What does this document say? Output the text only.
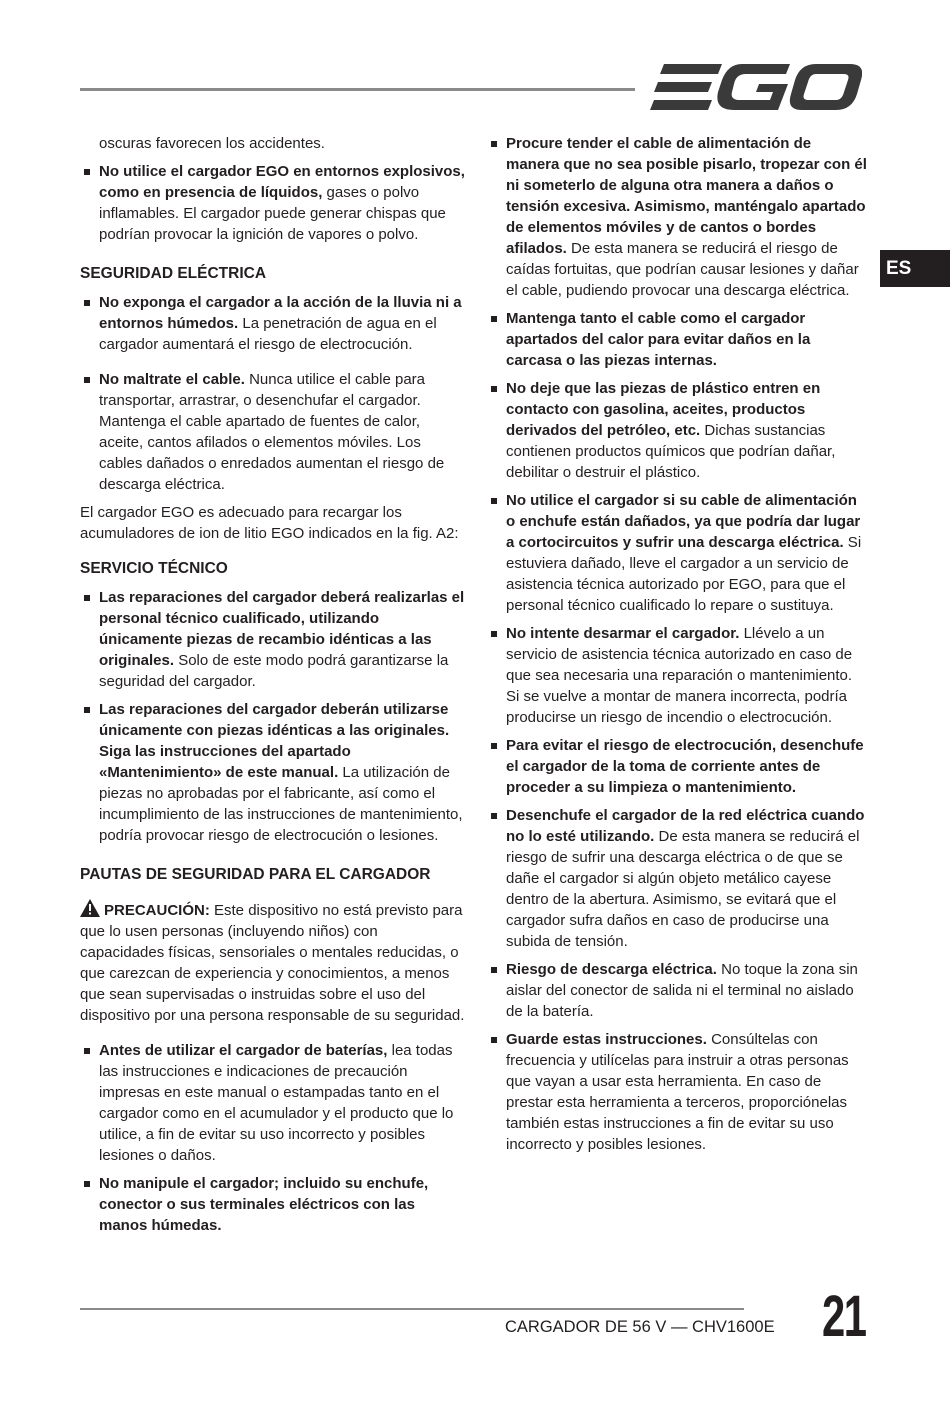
ES

oscuras favorecen los accidentes.

No utilice el cargador EGO en entornos explosivos, como en presencia de líquidos, gases o polvo inflamables. El cargador puede generar chispas que podrían provocar la ignición de vapores o polvo.
SEGURIDAD ELÉCTRICA
No exponga el cargador a la acción de la lluvia ni a entornos húmedos. La penetración de agua en el cargador aumentará el riesgo de electrocución.
No maltrate el cable. Nunca utilice el cable para transportar, arrastrar, o desenchufar el cargador. Mantenga el cable apartado de fuentes de calor, aceite, cantos afilados o elementos móviles. Los cables dañados o enredados aumentan el riesgo de descarga eléctrica.

El cargador EGO es adecuado para recargar los acumuladores de ion de litio EGO indicados en la fig. A2:

SERVICIO TÉCNICO
Las reparaciones del cargador deberá realizarlas el personal técnico cualificado, utilizando únicamente piezas de recambio idénticas a las originales. Solo de este modo podrá garantizarse la seguridad del cargador.
Las reparaciones del cargador deberán utilizarse únicamente con piezas idénticas a las originales. Siga las instrucciones del apartado «Mantenimiento» de este manual. La utilización de piezas no aprobadas por el fabricante, así como el incumplimiento de las instrucciones de mantenimiento, podría provocar riesgo de electrocución o lesiones.
PAUTAS DE SEGURIDAD PARA EL CARGADOR

PRECAUCIÓN: Este dispositivo no está previsto para que lo usen personas (incluyendo niños) con capacidades físicas, sensoriales o mentales reducidas, o que carezcan de experiencia y conocimientos, a menos que sean supervisadas o instruidas sobre el uso del dispositivo por una persona responsable de su seguridad.

Antes de utilizar el cargador de baterías, lea todas las instrucciones e indicaciones de precaución impresas en este manual o estampadas tanto en el cargador como en el acumulador y el producto que lo utilice, a fin de evitar su uso incorrecto y posibles lesiones o daños.
No manipule el cargador; incluido su enchufe, conector o sus terminales eléctricos con las manos húmedas.
Procure tender el cable de alimentación de manera que no sea posible pisarlo, tropezar con él ni someterlo de alguna otra manera a daños o tensión excesiva. Asimismo, manténgalo apartado de elementos móviles y de cantos o bordes afilados. De esta manera se reducirá el riesgo de caídas fortuitas, que podrían causar lesiones y dañar el cable, pudiendo provocar una descarga eléctrica.
Mantenga tanto el cable como el cargador apartados del calor para evitar daños en la carcasa o las piezas internas.
No deje que las piezas de plástico entren en contacto con gasolina, aceites, productos derivados del petróleo, etc. Dichas sustancias contienen productos químicos que podrían dañar, debilitar o destruir el plástico.
No utilice el cargador si su cable de alimentación o enchufe están dañados, ya que podría dar lugar a cortocircuitos y sufrir una descarga eléctrica. Si estuviera dañado, lleve el cargador a un servicio de asistencia técnica autorizado por EGO, para que el personal técnico cualificado lo repare o sustituya.
No intente desarmar el cargador. Llévelo a un servicio de asistencia técnica autorizado en caso de que sea necesaria una reparación o mantenimiento. Si se vuelve a montar de manera incorrecta, podría producirse un riesgo de incendio o electrocución.
Para evitar el riesgo de electrocución, desenchufe el cargador de la toma de corriente antes de proceder a su limpieza o mantenimiento.
Desenchufe el cargador de la red eléctrica cuando no lo esté utilizando. De esta manera se reducirá el riesgo de sufrir una descarga eléctrica o de que se dañe el cargador si algún objeto metálico cayese dentro de la abertura. Asimismo, se evitará que el cargador sufra daños en caso de producirse una subida de tensión.
Riesgo de descarga eléctrica. No toque la zona sin aislar del conector de salida ni el terminal no aislado de la batería.
Guarde estas instrucciones. Consúltelas con frecuencia y utilícelas para instruir a otras personas que vayan a usar esta herramienta. En caso de prestar esta herramienta a terceros, proporciónelas también estas instrucciones a fin de evitar su uso incorrecto y posibles lesiones.
CARGADOR DE 56 V — CHV1600E 21
